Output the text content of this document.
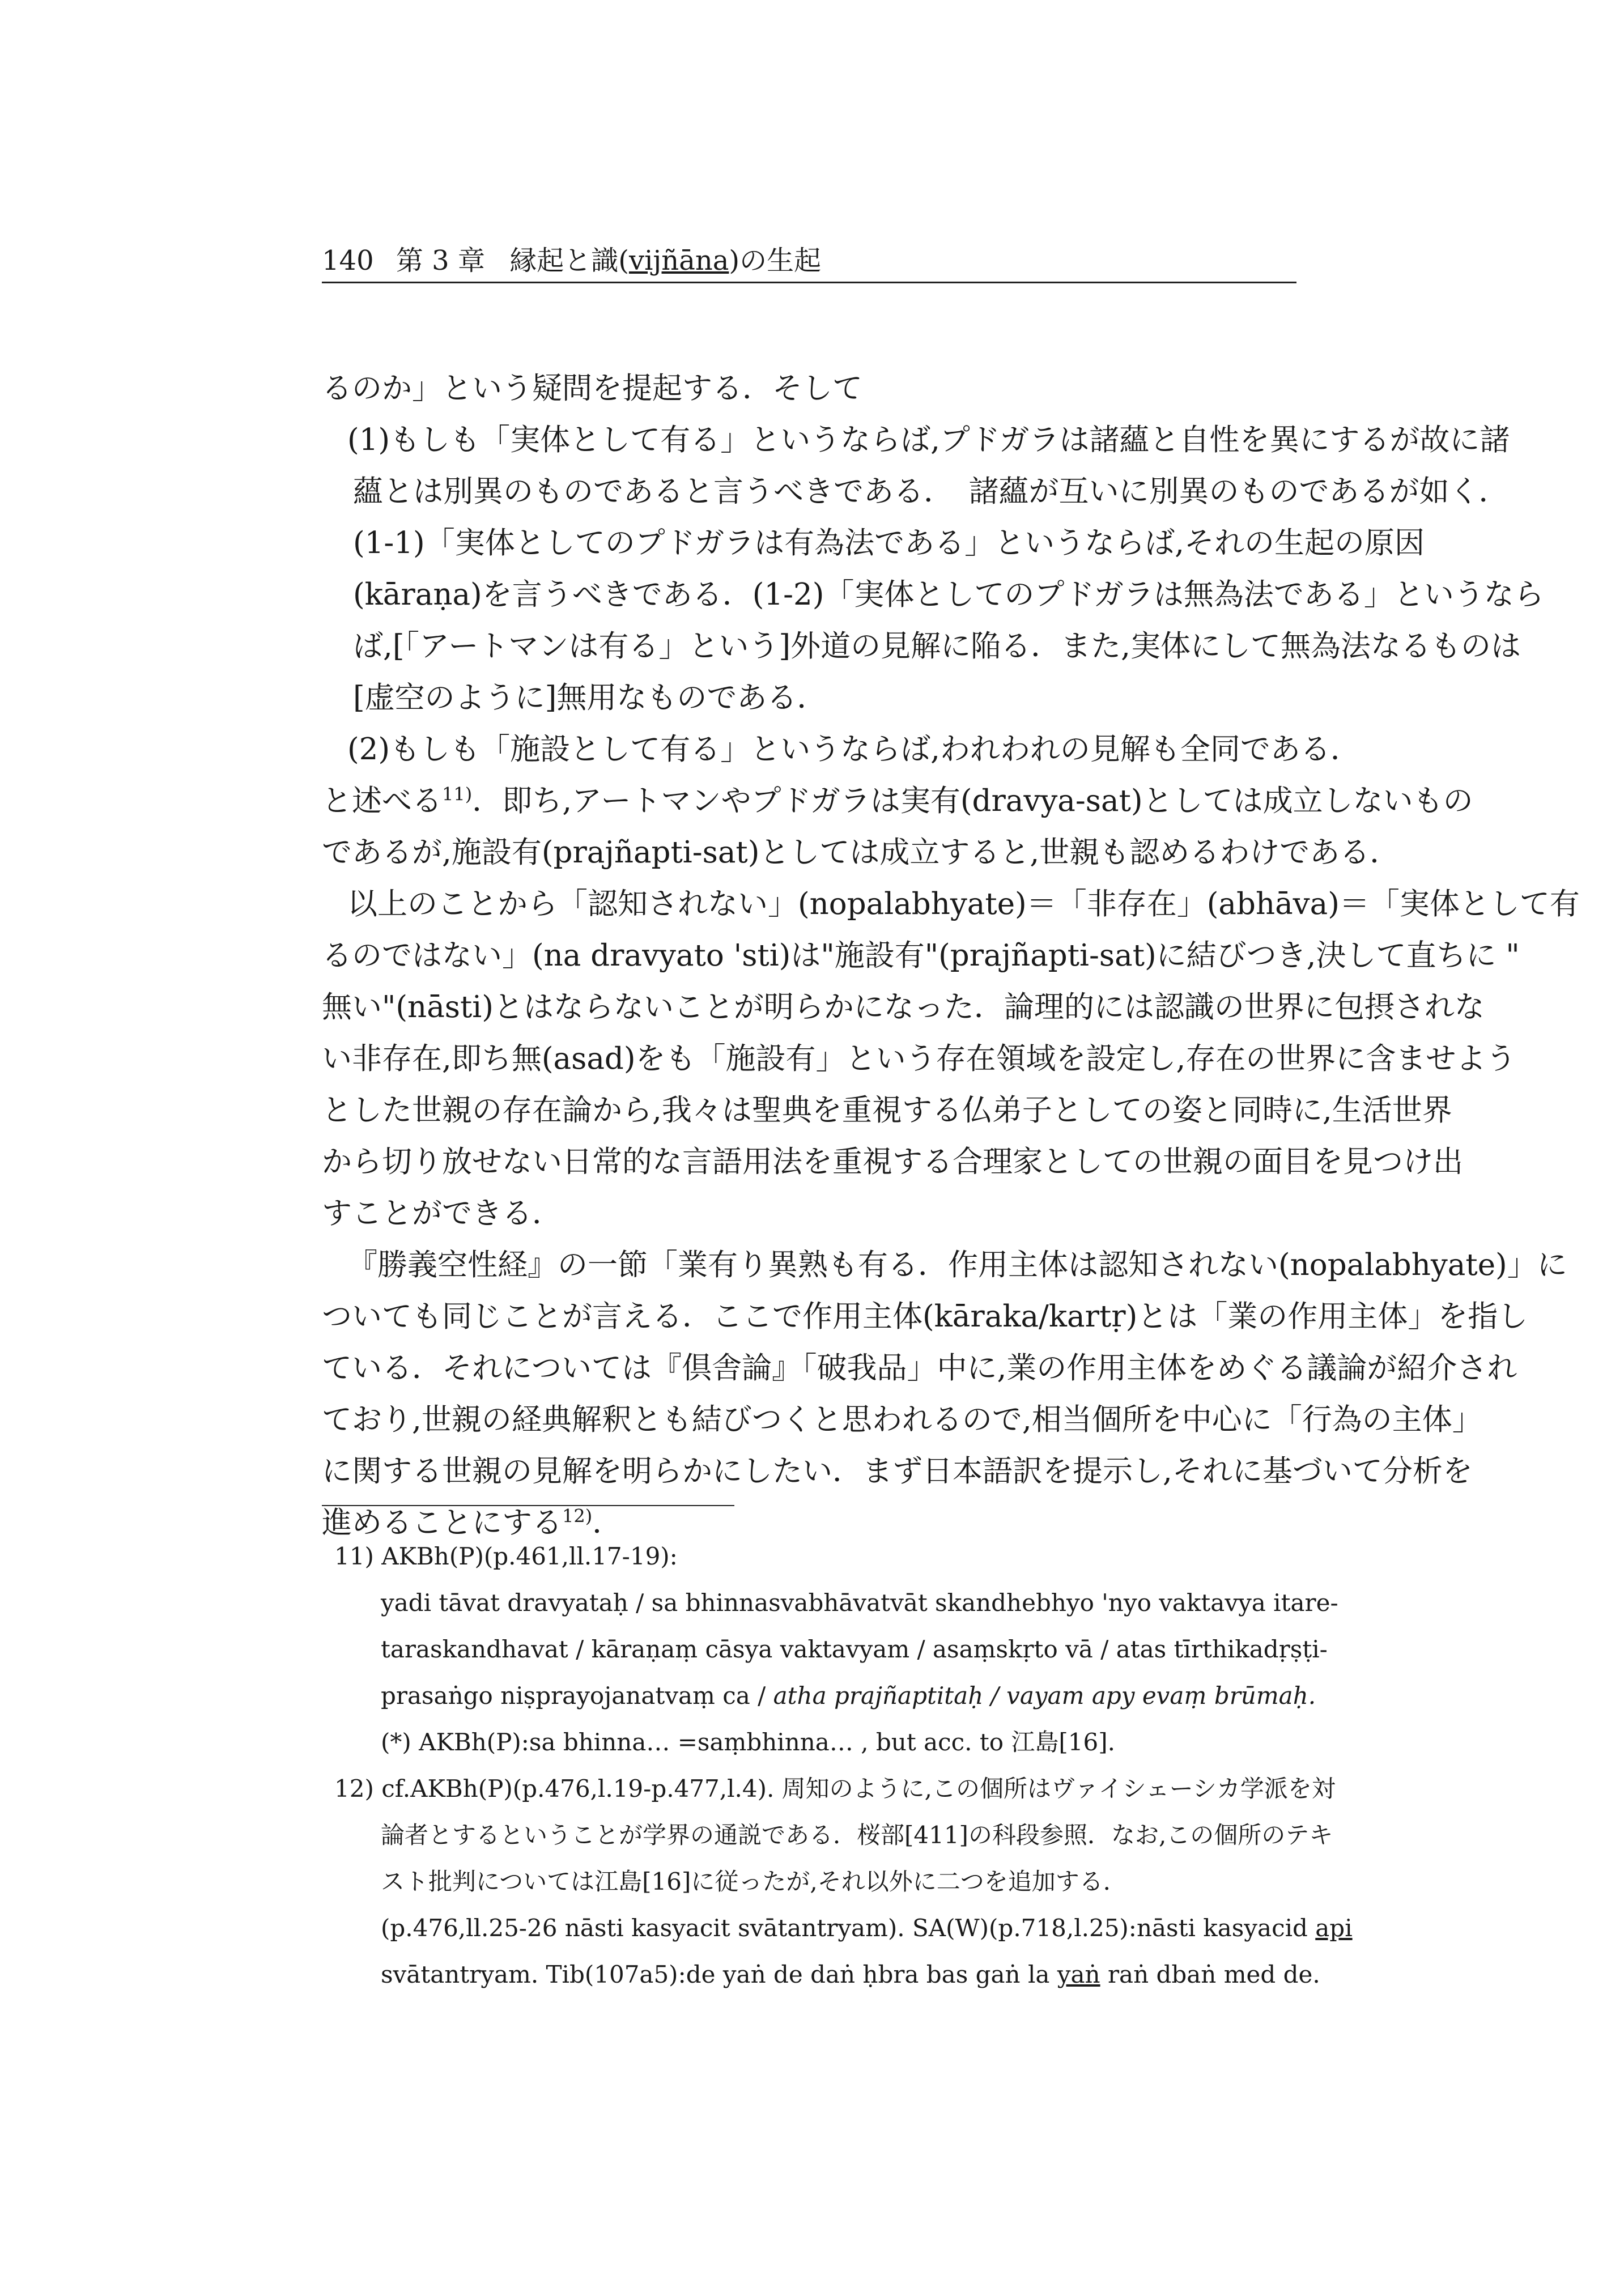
140 第 3 章 縁起と識(vijñāna)の生起
るのか」という疑問を提起する．そして
(1)もしも「実体として有る」というならば,プドガラは諸蘊と自性を異にするが故に諸
蘊とは別異のものであると言うべきである．　諸蘊が互いに別異のものであるが如く．
(1-1)「実体としてのプドガラは有為法である」というならば,それの生起の原因
(kāraṇa)を言うべきである．(1-2)「実体としてのプドガラは無為法である」というなら
ば,[「アートマンは有る」という]外道の見解に陥る．また,実体にして無為法なるものは
[虚空のように]無用なものである．
(2)もしも「施設として有る」というならば,われわれの見解も全同である．
と述べる$^{11)}$．即ち,アートマンやプドガラは実有(dravya-sat)としては成立しないもの
であるが,施設有(prajñapti-sat)としては成立すると,世親も認めるわけである．
以上のことから「認知されない」(nopalabhyate)＝「非存在」(abhāva)＝「実体として有
るのではない」(na dravyato 'sti)は"施設有"(prajñapti-sat)に結びつき,決して直ちに "
無い"(nāsti)とはならないことが明らかになった．論理的には認識の世界に包摂されな
い非存在,即ち無(asad)をも「施設有」という存在領域を設定し,存在の世界に含ませよう
とした世親の存在論から,我々は聖典を重視する仏弟子としての姿と同時に,生活世界
から切り放せない日常的な言語用法を重視する合理家としての世親の面目を見つけ出
すことができる．
『勝義空性経』の一節「業有り異熟も有る．作用主体は認知されない(nopalabhyate)」に
ついても同じことが言える．ここで作用主体(kāraka/kartṛ)とは「業の作用主体」を指し
ている．それについては『倶舎論』「破我品」中に,業の作用主体をめぐる議論が紹介され
ており,世親の経典解釈とも結びつくと思われるので,相当個所を中心に「行為の主体」
に関する世親の見解を明らかにしたい．まず日本語訳を提示し,それに基づいて分析を
進めることにする$^{12)}$．
11) AKBh(P)(p.461,ll.17-19):
yadi tāvat dravyataḥ / sa bhinnasvabhāvatvāt skandhebhyo 'nyo vaktavya itare-
taraskandhavat / kāraṇaṃ cāsya vaktavyam / asaṃskṛto vā / atas tīrthikadṛṣṭi-
prasaṅgo niṣprayojanatvaṃ ca / atha prajñaptitaḥ / vayam apy evaṃ brūmaḥ.
(*) AKBh(P):sa bhinna… =saṃbhinna… , but acc. to 江島[16].
12) cf.AKBh(P)(p.476,l.19-p.477,l.4). 周知のように,この個所はヴァイシェーシカ学派を対
論者とするということが学界の通説である．桜部[411]の科段参照．なお,この個所のテキ
スト批判については江島[16]に従ったが,それ以外に二つを追加する．
(p.476,ll.25-26 nāsti kasyacit svātantryam). SA(W)(p.718,l.25):nāsti kasyacid api
svātantryam. Tib(107a5):de yaṅ de daṅ ḥbra bas gaṅ la yaṅ raṅ dbaṅ med de.
